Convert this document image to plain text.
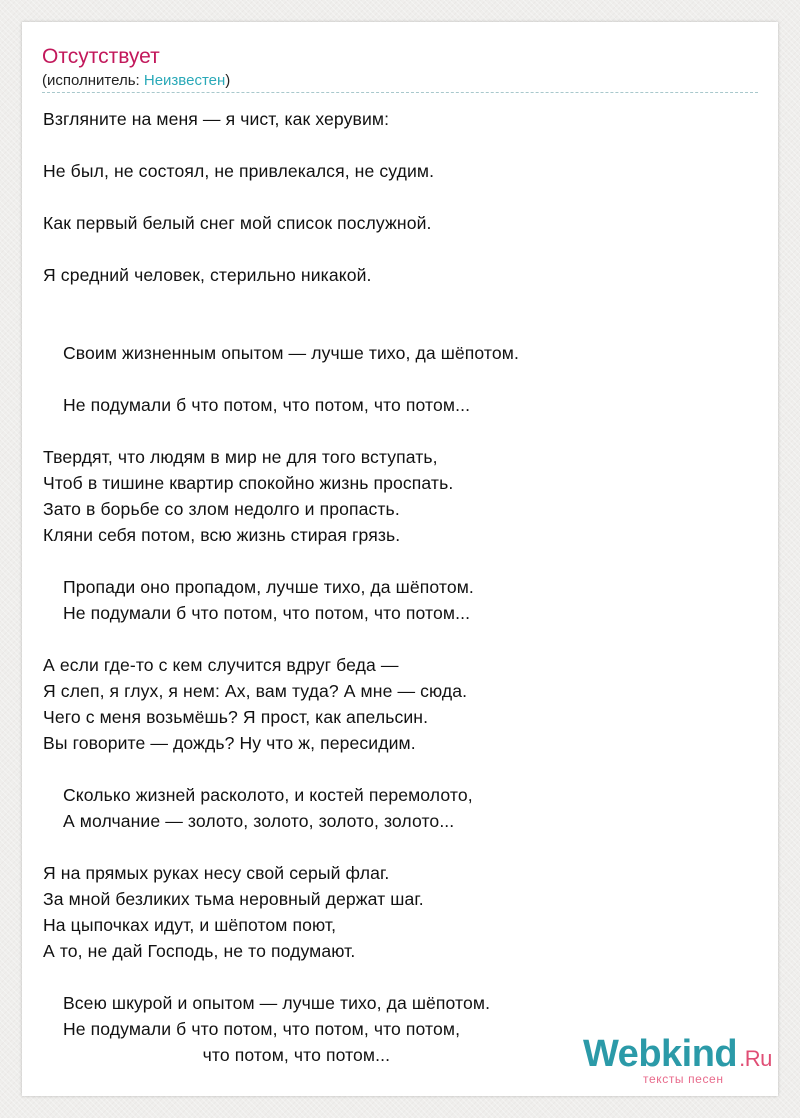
Отсутствует
(исполнитель: Неизвестен)
Взгляните на меня — я чист, как херувим:
Не был, не состоял, не привлекался, не судим.
Как первый белый снег мой список послужной.
Я средний человек, стерильно никакой.
Своим жизненным опытом — лучше тихо, да шёпотом.
Не подумали б что потом, что потом, что потом...
Твердят, что людям в мир не для того вступать,
Чтоб в тишине квартир спокойно жизнь проспать.
Зато в борьбе со злом недолго и пропасть.
Кляни себя потом, всю жизнь стирая грязь.
Пропади оно пропадом, лучше тихо, да шёпотом.
Не подумали б что потом, что потом, что потом...
А если где-то с кем случится вдруг беда —
Я слеп, я глух, я нем: Ах, вам туда? А мне — сюда.
Чего с меня возьмёшь? Я прост, как апельсин.
Вы говорите — дождь? Ну что ж, пересидим.
Сколько жизней расколото, и костей перемолото,
А молчание — золото, золото, золото, золото...
Я на прямых руках несу свой серый флаг.
За мной безликих тьма неровный держат шаг.
На цыпочках идут, и шёпотом поют,
А то, не дай Господь, не то подумают.
Всею шкурой и опытом — лучше тихо, да шёпотом.
Не подумали б что потом, что потом, что потом,
что потом, что потом...	Webkind.Ru
тексты песен
